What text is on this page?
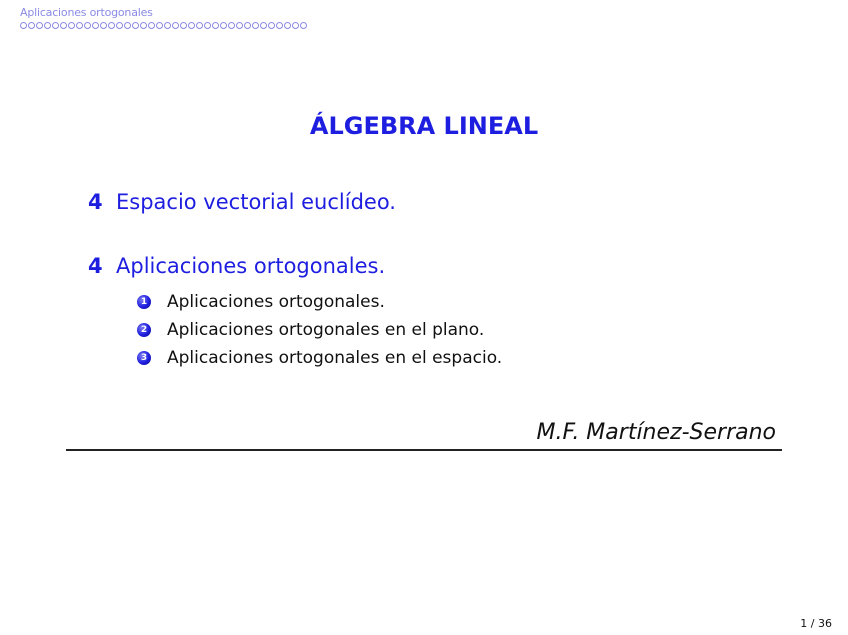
Aplicaciones ortogonales
ÁLGEBRA LINEAL
4 Espacio vectorial euclídeo.
4 Aplicaciones ortogonales.
1 Aplicaciones ortogonales.
2 Aplicaciones ortogonales en el plano.
3 Aplicaciones ortogonales en el espacio.
M.F. Martínez-Serrano
1 / 36
